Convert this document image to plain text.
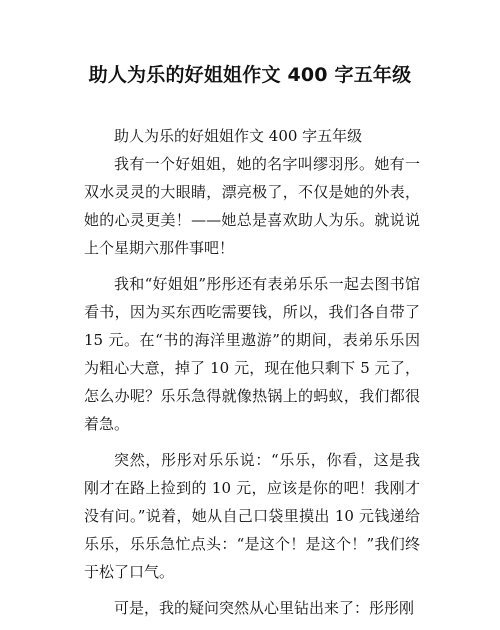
助人为乐的好姐姐作文 400 字五年级

助人为乐的好姐姐作文 400 字五年级

我有一个好姐姐，她的名字叫缪羽彤。她有一双水灵灵的大眼睛，漂亮极了，不仅是她的外表，她的心灵更美！——她总是喜欢助人为乐。就说说上个星期六那件事吧！

我和“好姐姐”彤彤还有表弟乐乐一起去图书馆看书，因为买东西吃需要钱，所以，我们各自带了 15 元。在“书的海洋里遨游”的期间，表弟乐乐因为粗心大意，掉了 10 元，现在他只剩下 5 元了，怎么办呢？乐乐急得就像热锅上的蚂蚁，我们都很着急。

突然，彤彤对乐乐说：“乐乐，你看，这是我刚才在路上捡到的 10 元，应该是你的吧！我刚才没有问。”说着，她从自己口袋里摸出 10 元钱递给乐乐，乐乐急忙点头：“是这个！是这个！”我们终于松了口气。

可是，我的疑问突然从心里钻出来了：彤彤刚
